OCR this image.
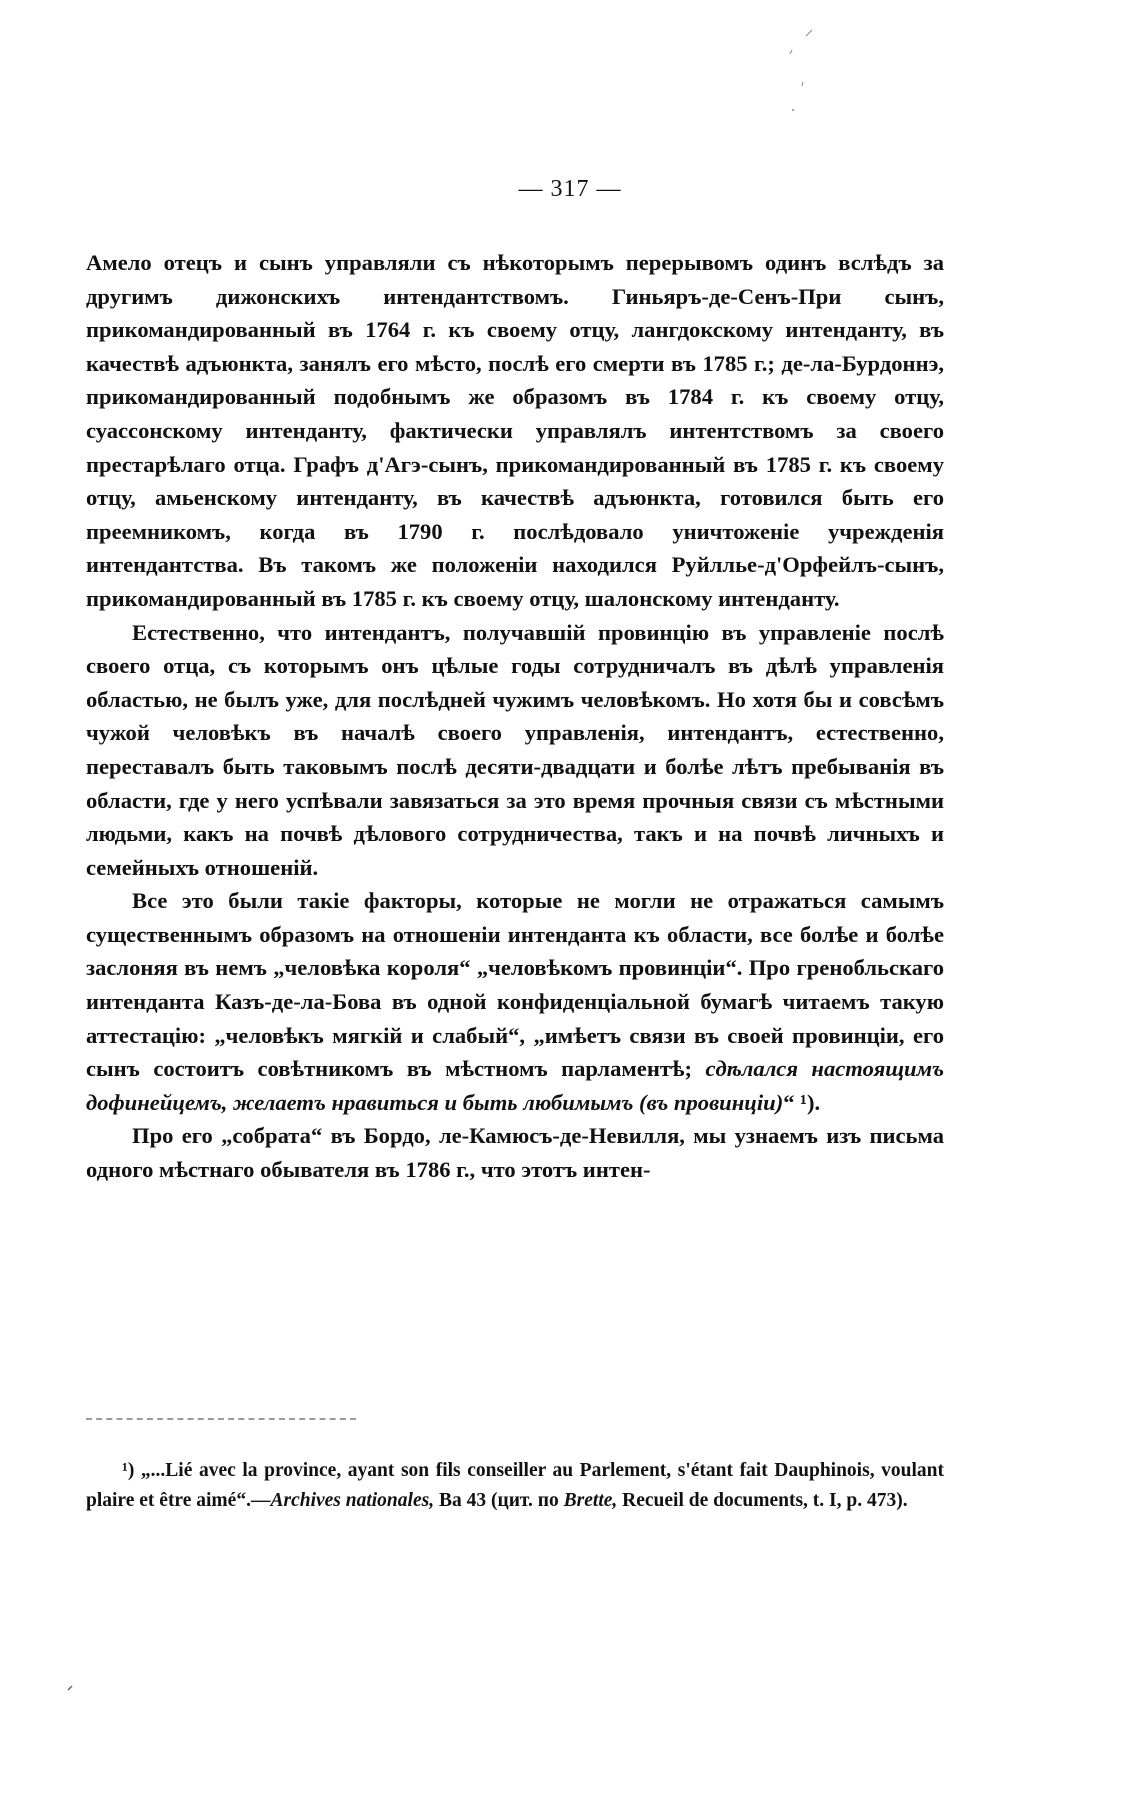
— 317 —

Амело отецъ и сынъ управляли съ нѣкоторымъ перерывомъ одинъ вслѣдъ за другимъ дижонскихъ интендантствомъ. Гиньяръ-де-Сенъ-При сынъ, прикомандированный въ 1764 г. къ своему отцу, лангдокскому интенданту, въ качествѣ адъюнкта, занялъ его мѣсто, послѣ его смерти въ 1785 г.; де-ла-Бурдоннэ, прикомандированный подобнымъ же образомъ въ 1784 г. къ своему отцу, суассонскому интенданту, фактически управлялъ интентствомъ за своего престарѣлаго отца. Графъ д'Агэ-сынъ, прикомандированный въ 1785 г. къ своему отцу, амьенскому интенданту, въ качествѣ адъюнкта, готовился быть его преемникомъ, когда въ 1790 г. послѣдовало уничтоженіе учрежденія интендантства. Въ такомъ же положеніи находился Руйлльe-д'Орфейлъ-сынъ, прикомандированный въ 1785 г. къ своему отцу, шалонскому интенданту.

Естественно, что интендантъ, получавшій провинцію въ управленіе послѣ своего отца, съ которымъ онъ цѣлые годы сотрудничалъ въ дѣлѣ управленія областью, не былъ уже, для послѣдней чужимъ человѣкомъ. Но хотя бы и совсѣмъ чужой человѣкъ въ началѣ своего управленія, интендантъ, естественно, переставалъ быть таковымъ послѣ десяти-двадцати и болѣе лѣтъ пребыванія въ области, где у него успѣвали завязаться за это время прочныя связи съ мѣстными людьми, какъ на почвѣ дѣлового сотрудничества, такъ и на почвѣ личныхъ и семейныхъ отношеній.

Все это были такіе факторы, которые не могли не отражаться самымъ существеннымъ образомъ на отношеніи интенданта къ области, все болѣе и болѣе заслоняя въ немъ „человѣка короля“ „человѣкомъ провинціи“. Про гренобльскаго интенданта Казъ-де-ла-Бова въ одной конфиденціальной бумагѣ читаемъ такую аттестацію: „человѣкъ мягкій и слабый“, „имѣетъ связи въ своей провинціи, его сынъ состоитъ совѣтникомъ въ мѣстномъ парламентѣ; сдѣлался настоящимъ дофинейцемъ, желаетъ нравиться и быть любимымъ (въ провинціи)“ ¹).

Про его „собрата“ въ Бордо, ле-Камюсъ-де-Невилля, мы узнаемъ изъ письма одного мѣстнаго обывателя въ 1786 г., что этотъ интен-

¹) „...Lié avec la province, ayant son fils conseiller au Parlement, s'étant fait Dauphinois, voulant plaire et être aimé“.—Archives nationales, Ba 43 (цит. по Brette, Recueil de documents, t. I, p. 473).
